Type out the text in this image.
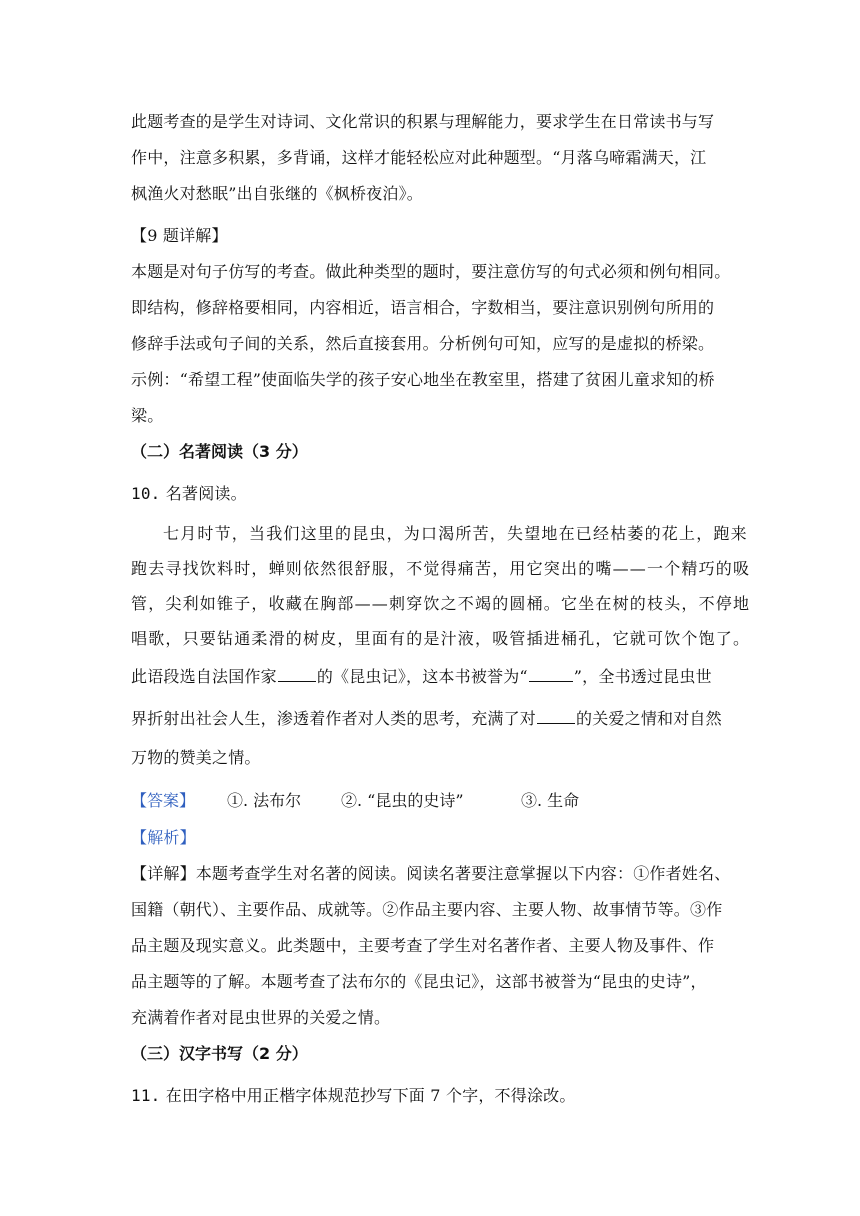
此题考查的是学生对诗词、文化常识的积累与理解能力，要求学生在日常读书与写
作中，注意多积累，多背诵，这样才能轻松应对此种题型。“月落乌啼霜满天，江
枫渔火对愁眠”出自张继的《枫桥夜泊》。
【9 题详解】
本题是对句子仿写的考查。做此种类型的题时，要注意仿写的句式必须和例句相同。
即结构，修辞格要相同，内容相近，语言相合，字数相当，要注意识别例句所用的
修辞手法或句子间的关系，然后直接套用。分析例句可知，应写的是虚拟的桥梁。
示例：“希望工程”使面临失学的孩子安心地坐在教室里，搭建了贫困儿童求知的桥
梁。
（二）名著阅读（3 分）
10. 名著阅读。
七月时节，当我们这里的昆虫，为口渴所苦，失望地在已经枯萎的花上，跑来
跑去寻找饮料时，蝉则依然很舒服，不觉得痛苦，用它突出的嘴——一个精巧的吸
管，尖利如锥子，收藏在胸部——刺穿饮之不竭的圆桶。它坐在树的枝头，不停地
唱歌，只要钻通柔滑的树皮，里面有的是汁液，吸管插进桶孔，它就可饮个饱了。
此语段选自法国作家	的《昆虫记》，这本书被誉为“	”，全书透过昆虫世
界折射出社会人生，渗透着作者对人类的思考，充满了对	的关爱之情和对自然
万物的赞美之情。
【答案】 ①. 法布尔 ②. “昆虫的史诗”	③. 生命
【解析】
【详解】本题考查学生对名著的阅读。阅读名著要注意掌握以下内容：①作者姓名、
国籍（朝代）、主要作品、成就等。②作品主要内容、主要人物、故事情节等。③作
品主题及现实意义。此类题中，主要考查了学生对名著作者、主要人物及事件、作
品主题等的了解。本题考查了法布尔的《昆虫记》，这部书被誉为“昆虫的史诗”，
充满着作者对昆虫世界的关爱之情。
（三）汉字书写（2 分）
11. 在田字格中用正楷字体规范抄写下面 7 个字，不得涂改。
